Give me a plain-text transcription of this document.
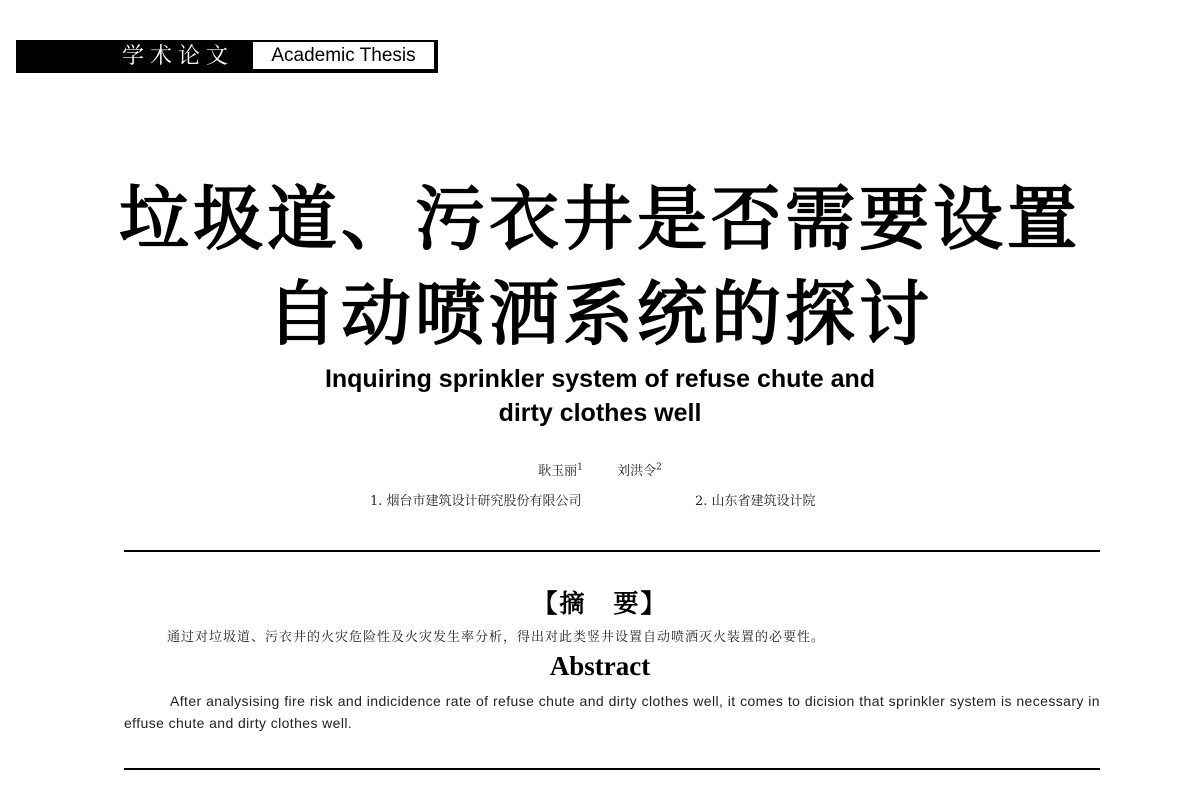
学术论文 Academic Thesis
垃圾道、污衣井是否需要设置
自动喷洒系统的探讨
Inquiring sprinkler system of refuse chute and
dirty clothes well
耿玉丽$^1$	刘洪令$^2$
1. 烟台市建筑设计研究股份有限公司	2. 山东省建筑设计院
【摘　要】
通过对垃圾道、污衣井的火灾危险性及火灾发生率分析，得出对此类竖井设置自动喷洒灭火装置的必要性。
Abstract
After analysising fire risk and indicidence rate of refuse chute and dirty clothes well, it comes to dicision that sprinkler system is necessary in effuse chute and dirty clothes well.
